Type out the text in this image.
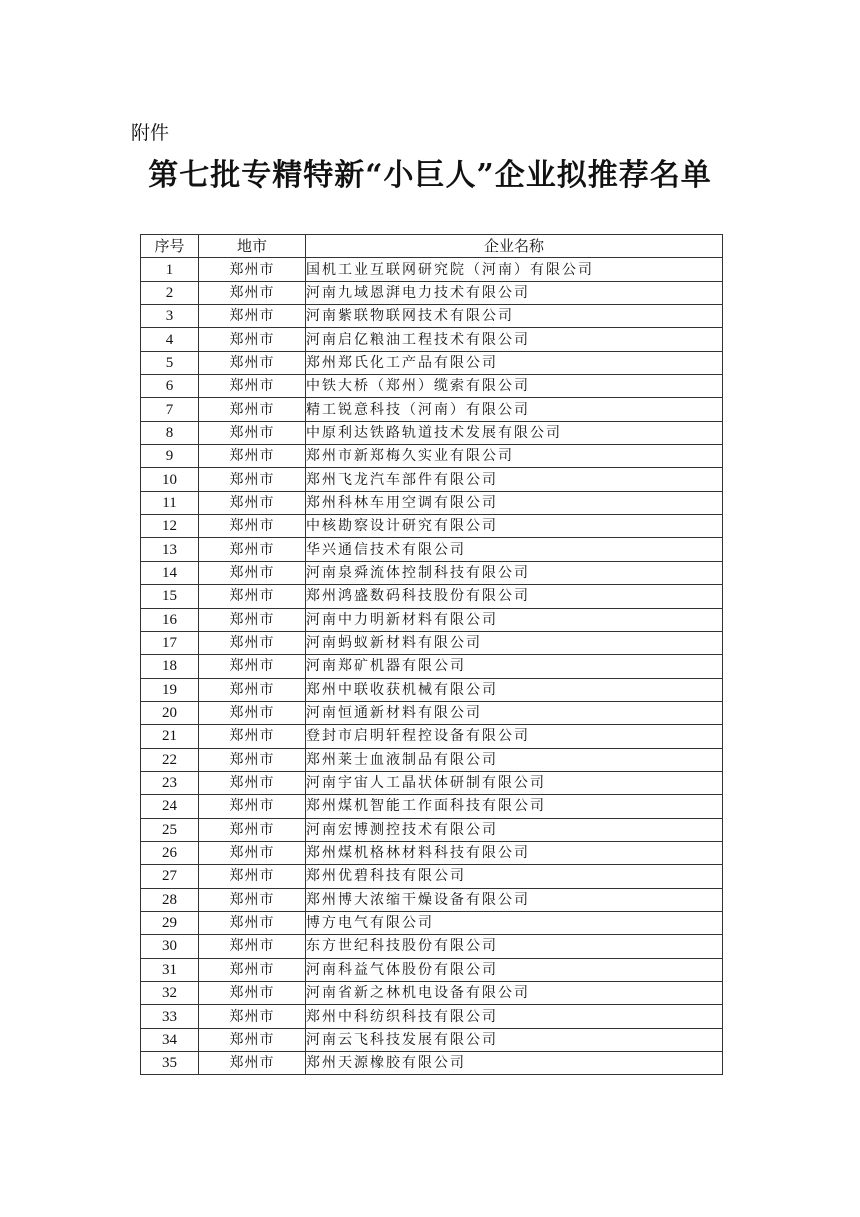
附件
第七批专精特新“小巨人”企业拟推荐名单
序号	地市	企业名称
1	郑州市	国机工业互联网研究院（河南）有限公司
2	郑州市	河南九域恩湃电力技术有限公司
3	郑州市	河南紫联物联网技术有限公司
4	郑州市	河南启亿粮油工程技术有限公司
5	郑州市	郑州郑氏化工产品有限公司
6	郑州市	中铁大桥（郑州）缆索有限公司
7	郑州市	精工锐意科技（河南）有限公司
8	郑州市	中原利达铁路轨道技术发展有限公司
9	郑州市	郑州市新郑梅久实业有限公司
10	郑州市	郑州飞龙汽车部件有限公司
11	郑州市	郑州科林车用空调有限公司
12	郑州市	中核勘察设计研究有限公司
13	郑州市	华兴通信技术有限公司
14	郑州市	河南泉舜流体控制科技有限公司
15	郑州市	郑州鸿盛数码科技股份有限公司
16	郑州市	河南中力明新材料有限公司
17	郑州市	河南蚂蚁新材料有限公司
18	郑州市	河南郑矿机器有限公司
19	郑州市	郑州中联收获机械有限公司
20	郑州市	河南恒通新材料有限公司
21	郑州市	登封市启明轩程控设备有限公司
22	郑州市	郑州莱士血液制品有限公司
23	郑州市	河南宇宙人工晶状体研制有限公司
24	郑州市	郑州煤机智能工作面科技有限公司
25	郑州市	河南宏博测控技术有限公司
26	郑州市	郑州煤机格林材料科技有限公司
27	郑州市	郑州优碧科技有限公司
28	郑州市	郑州博大浓缩干燥设备有限公司
29	郑州市	博方电气有限公司
30	郑州市	东方世纪科技股份有限公司
31	郑州市	河南科益气体股份有限公司
32	郑州市	河南省新之林机电设备有限公司
33	郑州市	郑州中科纺织科技有限公司
34	郑州市	河南云飞科技发展有限公司
35	郑州市	郑州天源橡胶有限公司
